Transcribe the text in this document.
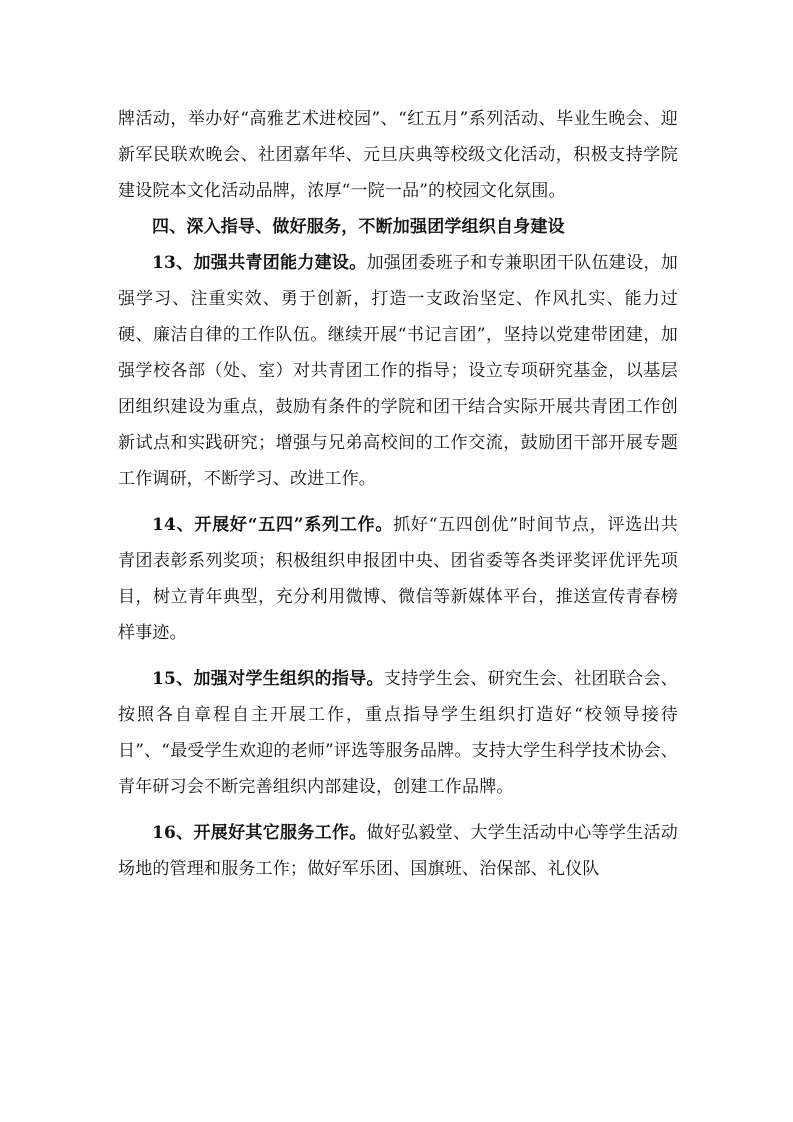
牌活动，举办好“高雅艺术进校园”、“红五月”系列活动、毕业生晚会、迎新军民联欢晚会、社团嘉年华、元旦庆典等校级文化活动，积极支持学院建设院本文化活动品牌，浓厚“一院一品”的校园文化氛围。

四、深入指导、做好服务，不断加强团学组织自身建设

13、加强共青团能力建设。加强团委班子和专兼职团干队伍建设，加强学习、注重实效、勇于创新，打造一支政治坚定、作风扎实、能力过硬、廉洁自律的工作队伍。继续开展“书记言团”，坚持以党建带团建，加强学校各部（处、室）对共青团工作的指导；设立专项研究基金，以基层团组织建设为重点，鼓励有条件的学院和团干结合实际开展共青团工作创新试点和实践研究；增强与兄弟高校间的工作交流，鼓励团干部开展专题工作调研，不断学习、改进工作。

14、开展好“五四”系列工作。抓好“五四创优”时间节点，评选出共青团表彰系列奖项；积极组织申报团中央、团省委等各类评奖评优评先项目，树立青年典型，充分利用微博、微信等新媒体平台，推送宣传青春榜样事迹。

15、加强对学生组织的指导。支持学生会、研究生会、社团联合会、按照各自章程自主开展工作，重点指导学生组织打造好“校领导接待日”、“最受学生欢迎的老师”评选等服务品牌。支持大学生科学技术协会、青年研习会不断完善组织内部建设，创建工作品牌。

16、开展好其它服务工作。做好弘毅堂、大学生活动中心等学生活动场地的管理和服务工作；做好军乐团、国旗班、治保部、礼仪队
